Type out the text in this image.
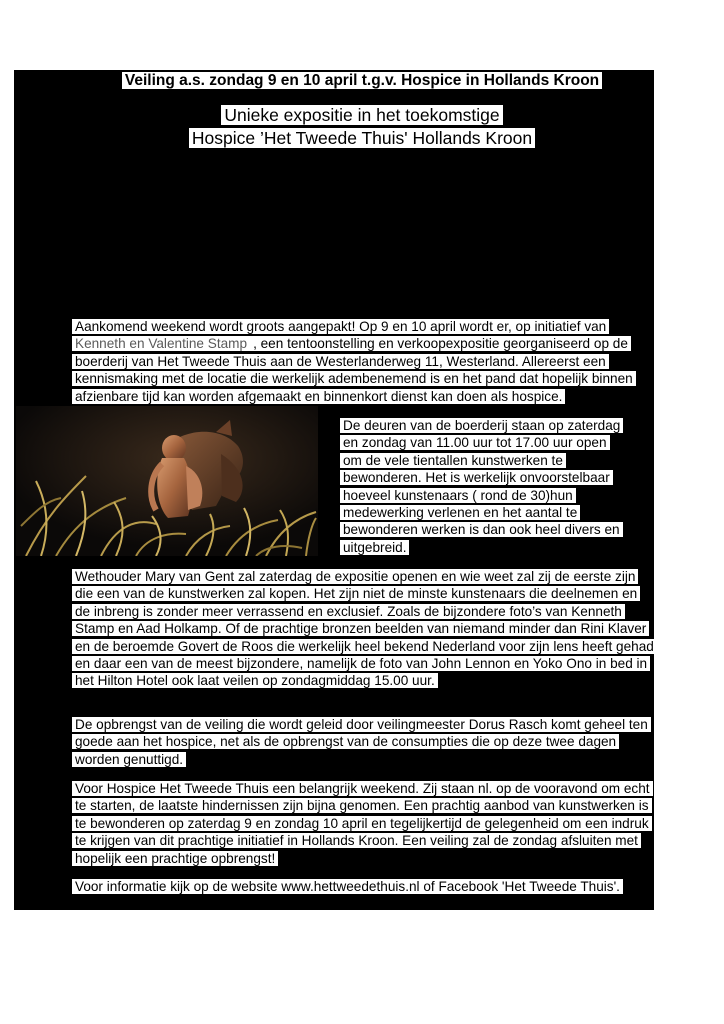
Veiling a.s. zondag 9 en 10 april t.g.v. Hospice in Hollands Kroon
Unieke expositie in het toekomstige
Hospice ’Het Tweede Thuis' Hollands Kroon

Aankomend weekend wordt groots aangepakt! Op 9 en 10 april wordt er, op initiatief van Kenneth en Valentine Stamp , een tentoonstelling en verkoopexpositie georganiseerd op de boerderij van Het Tweede Thuis aan de Westerlanderweg 11, Westerland. Allereerst een kennismaking met de locatie die werkelijk adembenemend is en het pand dat hopelijk binnen afzienbare tijd kan worden afgemaakt en binnenkort dienst kan doen als hospice.

De deuren van de boerderij staan op zaterdag en zondag van 11.00 uur tot 17.00 uur open om de vele tientallen kunstwerken te bewonderen. Het is werkelijk onvoorstelbaar hoeveel kunstenaars ( rond de 30)hun medewerking verlenen en het aantal te bewonderen werken is dan ook heel divers en uitgebreid.

Wethouder Mary van Gent zal zaterdag de expositie openen en wie weet zal zij de eerste zijn die een van de kunstwerken zal kopen. Het zijn niet de minste kunstenaars die deelnemen en de inbreng is zonder meer verrassend en exclusief. Zoals de bijzondere foto’s van Kenneth Stamp en Aad Holkamp. Of de prachtige bronzen beelden van niemand minder dan Rini Klaver en de beroemde Govert de Roos die werkelijk heel bekend Nederland voor zijn lens heeft gehad en daar een van de meest bijzondere, namelijk de foto van John Lennon en Yoko Ono in bed in het Hilton Hotel ook laat veilen op zondagmiddag 15.00 uur.

De opbrengst van de veiling die wordt geleid door veilingmeester Dorus Rasch komt geheel ten goede aan het hospice, net als de opbrengst van de consumpties die op deze twee dagen worden genuttigd.

Voor Hospice Het Tweede Thuis een belangrijk weekend. Zij staan nl. op de vooravond om echt te starten, de laatste hindernissen zijn bijna genomen. Een prachtig aanbod van kunstwerken is te bewonderen op zaterdag 9 en zondag 10 april en tegelijkertijd de gelegenheid om een indruk te krijgen van dit prachtige initiatief in Hollands Kroon. Een veiling zal de zondag afsluiten met hopelijk een prachtige opbrengst!

Voor informatie kijk op de website www.hettweedethuis.nl of Facebook 'Het Tweede Thuis'.
